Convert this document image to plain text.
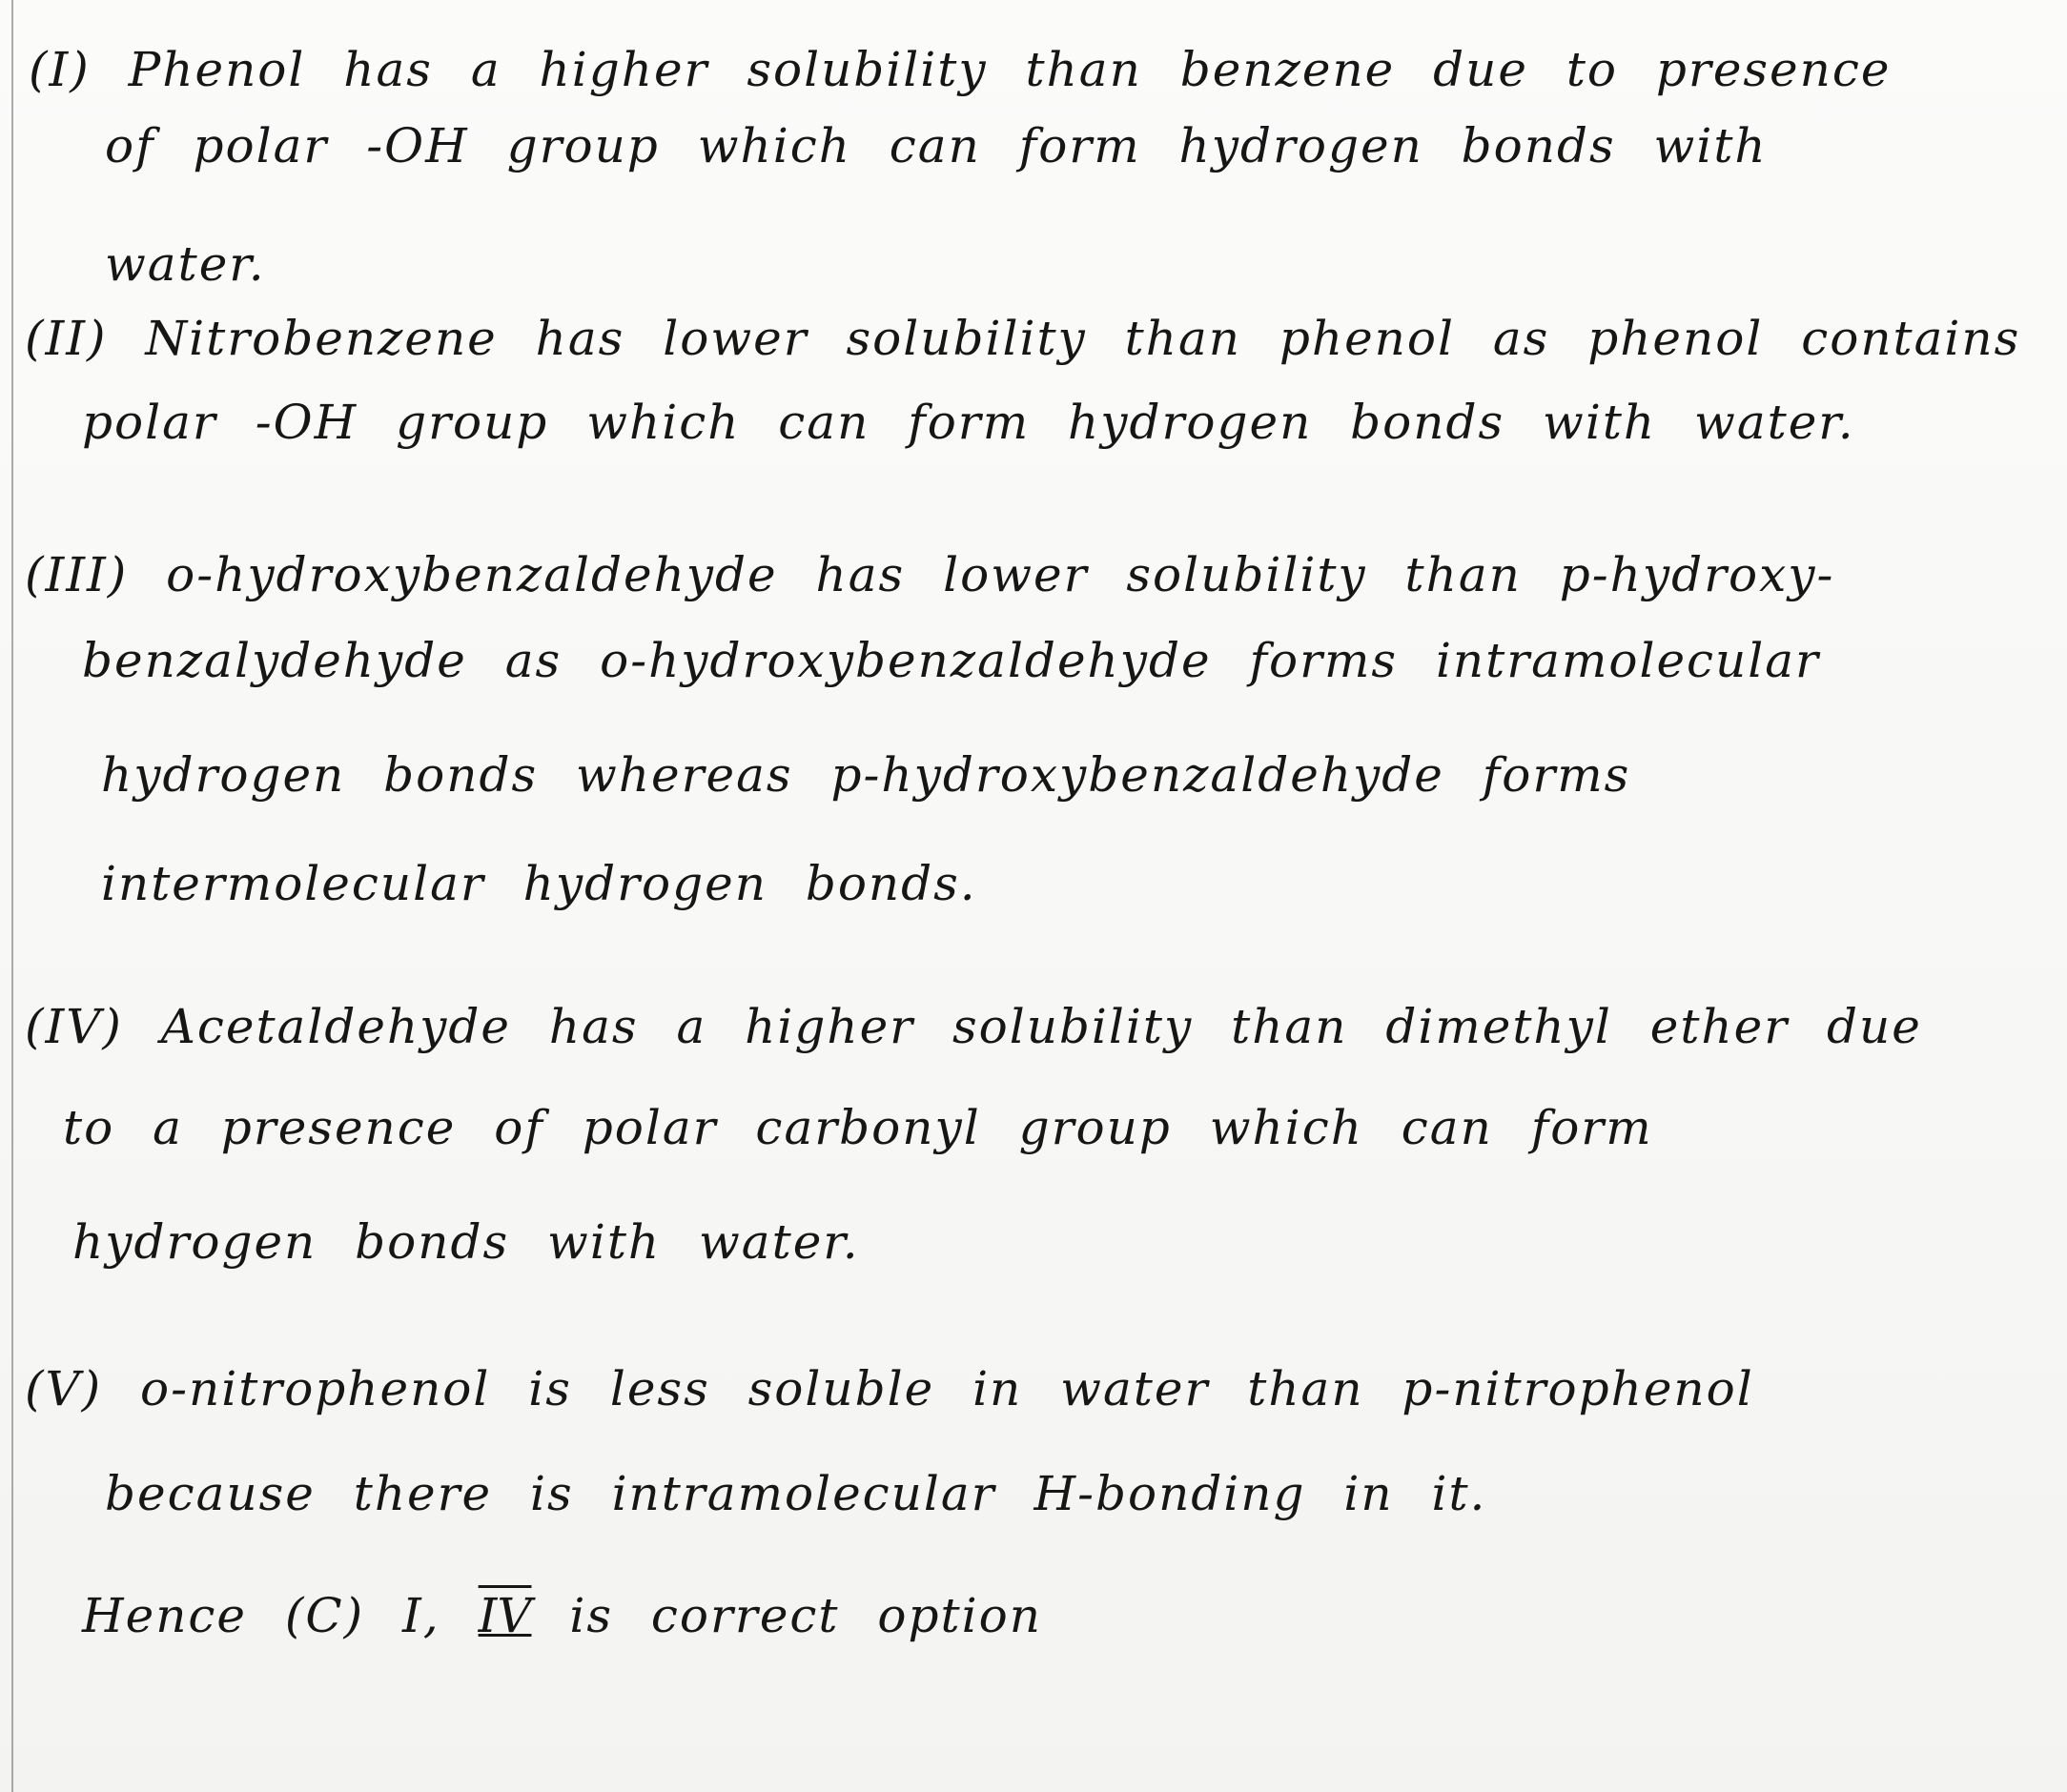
(I) Phenol has a higher solubility than benzene due to presence

of polar -OH group which can form hydrogen bonds with

water.

(II) Nitrobenzene has lower solubility than phenol as phenol contains

polar -OH group which can form hydrogen bonds with water.

(III) o-hydroxybenzaldehyde has lower solubility than p-hydroxy-

benzalydehyde as o-hydroxybenzaldehyde forms intramolecular

hydrogen bonds whereas p-hydroxybenzaldehyde forms

intermolecular hydrogen bonds.

(IV) Acetaldehyde has a higher solubility than dimethyl ether due

to a presence of polar carbonyl group which can form

hydrogen bonds with water.

(V) o-nitrophenol is less soluble in water than p-nitrophenol

because there is intramolecular H-bonding in it.

Hence (C) I, IV is correct option
